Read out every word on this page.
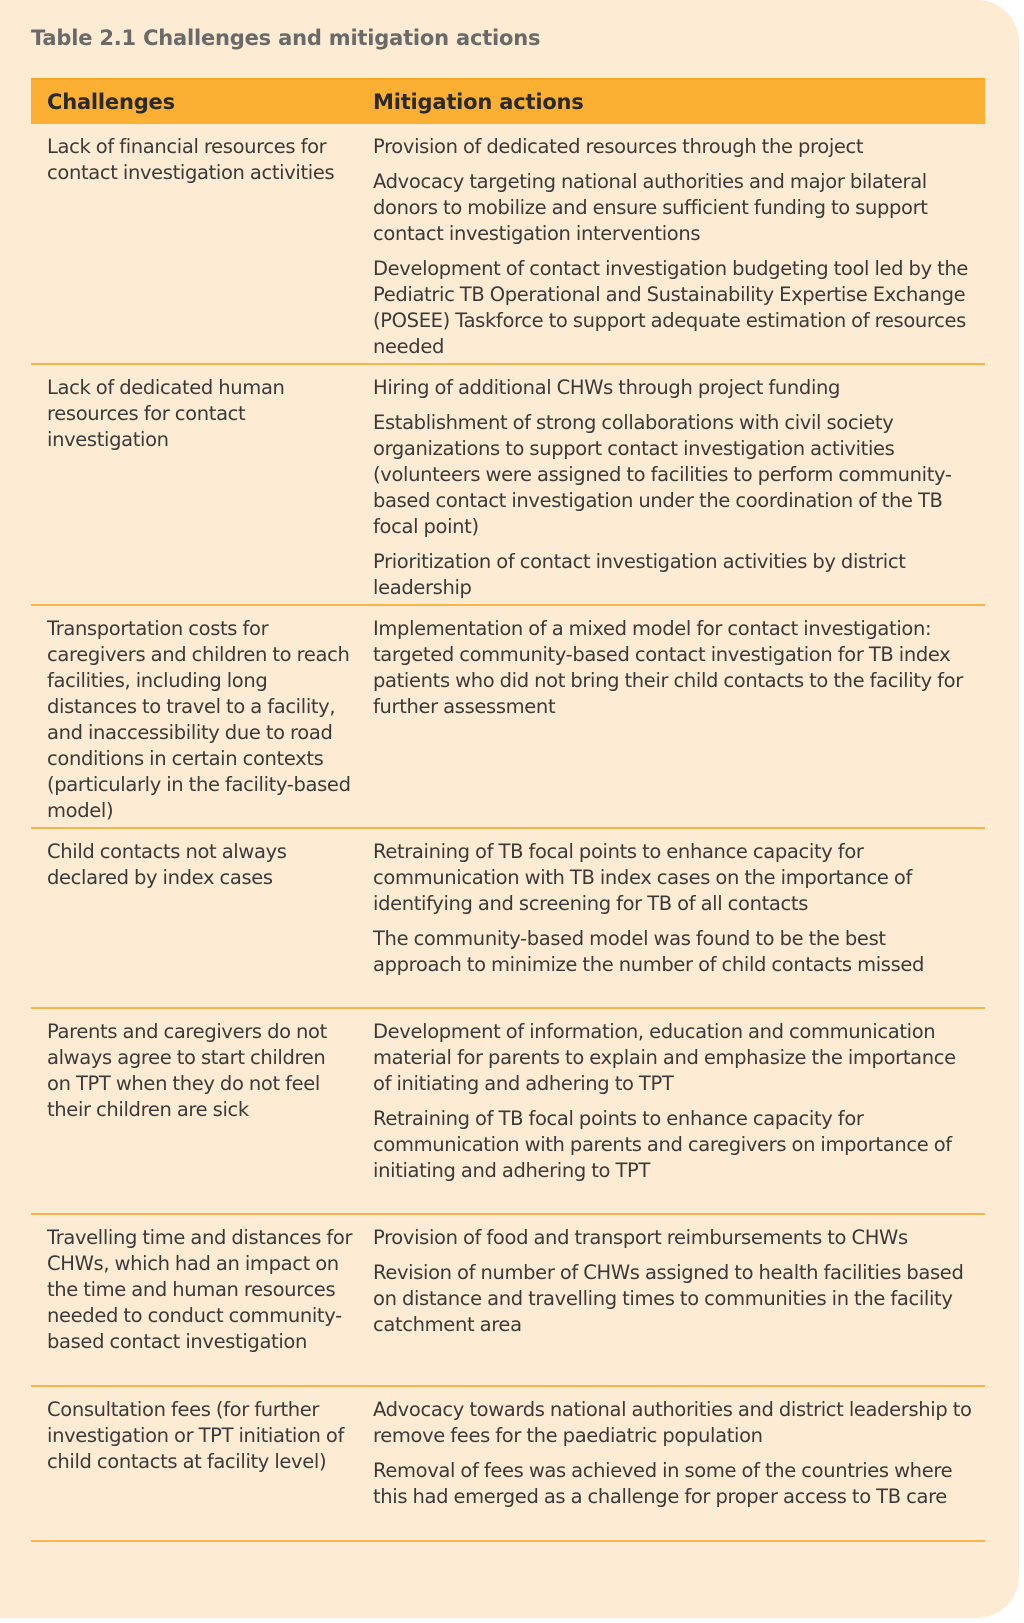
Table 2.1 Challenges and mitigation actions
Challenges	Mitigation actions
Lack of financial resources for contact investigation activities
Provision of dedicated resources through the project
Advocacy targeting national authorities and major bilateral donors to mobilize and ensure sufficient funding to support contact investigation interventions
Development of contact investigation budgeting tool led by the Pediatric TB Operational and Sustainability Expertise Exchange (POSEE) Taskforce to support adequate estimation of resources needed
Lack of dedicated human resources for contact investigation
Hiring of additional CHWs through project funding
Establishment of strong collaborations with civil society organizations to support contact investigation activities (volunteers were assigned to facilities to perform community-based contact investigation under the coordination of the TB focal point)
Prioritization of contact investigation activities by district leadership
Transportation costs for caregivers and children to reach facilities, including long distances to travel to a facility, and inaccessibility due to road conditions in certain contexts (particularly in the facility-based model)
Implementation of a mixed model for contact investigation: targeted community-based contact investigation for TB index patients who did not bring their child contacts to the facility for further assessment
Child contacts not always declared by index cases
Retraining of TB focal points to enhance capacity for communication with TB index cases on the importance of identifying and screening for TB of all contacts
The community-based model was found to be the best approach to minimize the number of child contacts missed
Parents and caregivers do not always agree to start children on TPT when they do not feel their children are sick
Development of information, education and communication material for parents to explain and emphasize the importance of initiating and adhering to TPT
Retraining of TB focal points to enhance capacity for communication with parents and caregivers on importance of initiating and adhering to TPT
Travelling time and distances for CHWs, which had an impact on the time and human resources needed to conduct community-based contact investigation
Provision of food and transport reimbursements to CHWs
Revision of number of CHWs assigned to health facilities based on distance and travelling times to communities in the facility catchment area
Consultation fees (for further investigation or TPT initiation of child contacts at facility level)
Advocacy towards national authorities and district leadership to remove fees for the paediatric population
Removal of fees was achieved in some of the countries where this had emerged as a challenge for proper access to TB care
